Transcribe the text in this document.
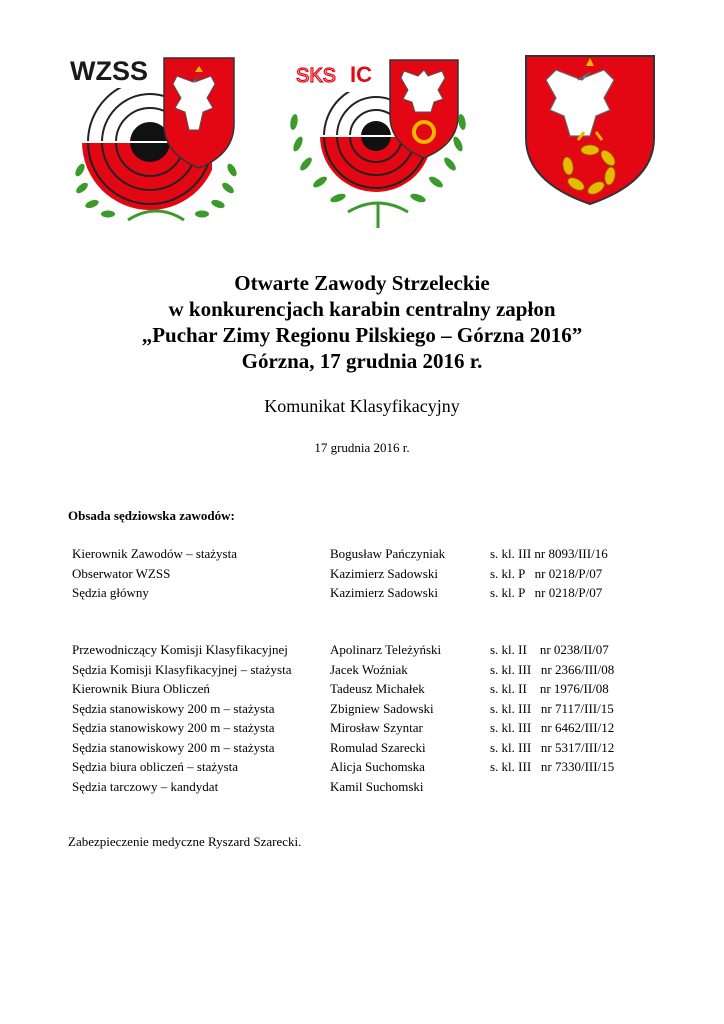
WZSS	SKS IC
Otwarte Zawody Strzeleckie
w konkurencjach karabin centralny zapłon
„Puchar Zimy Regionu Pilskiego – Górzna 2016”
Górzna, 17 grudnia 2016 r.
Komunikat Klasyfikacyjny
17 grudnia 2016 r.
Obsada sędziowska zawodów:
Kierownik Zawodów – stażysta	Bogusław Pańczyniak	s. kl. III nr 8093/III/16
Obserwator WZSS	Kazimierz Sadowski	s. kl. P   nr 0218/P/07
Sędzia główny	Kazimierz Sadowski	s. kl. P   nr 0218/P/07
Przewodniczący Komisji Klasyfikacyjnej	Apolinarz Teleżyński	s. kl. II    nr 0238/II/07
Sędzia Komisji Klasyfikacyjnej – stażysta	Jacek Woźniak	s. kl. III   nr 2366/III/08
Kierownik Biura Obliczeń	Tadeusz Michałek	s. kl. II    nr 1976/II/08
Sędzia stanowiskowy 200 m – stażysta	Zbigniew Sadowski	s. kl. III   nr 7117/III/15
Sędzia stanowiskowy 200 m – stażysta	Mirosław Szyntar	s. kl. III   nr 6462/III/12
Sędzia stanowiskowy 200 m – stażysta	Romulad Szarecki	s. kl. III   nr 5317/III/12
Sędzia biura obliczeń – stażysta	Alicja Suchomska	s. kl. III   nr 7330/III/15
Sędzia tarczowy – kandydat	Kamil Suchomski
Zabezpieczenie medyczne Ryszard Szarecki.
